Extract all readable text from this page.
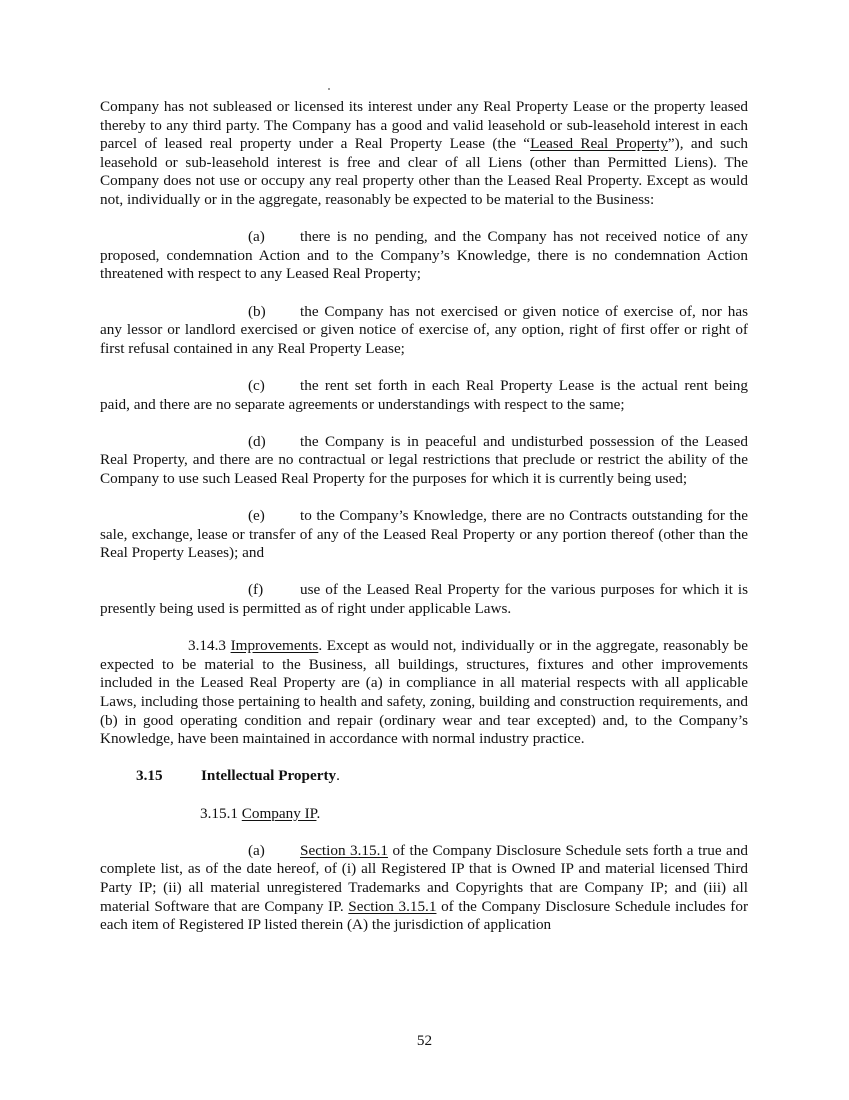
Company has not subleased or licensed its interest under any Real Property Lease or the property leased thereby to any third party. The Company has a good and valid leasehold or sub-leasehold interest in each parcel of leased real property under a Real Property Lease (the “Leased Real Property”), and such leasehold or sub-leasehold interest is free and clear of all Liens (other than Permitted Liens). The Company does not use or occupy any real property other than the Leased Real Property. Except as would not, individually or in the aggregate, reasonably be expected to be material to the Business:

(a) there is no pending, and the Company has not received notice of any proposed, condemnation Action and to the Company’s Knowledge, there is no condemnation Action threatened with respect to any Leased Real Property;

(b) the Company has not exercised or given notice of exercise of, nor has any lessor or landlord exercised or given notice of exercise of, any option, right of first offer or right of first refusal contained in any Real Property Lease;

(c) the rent set forth in each Real Property Lease is the actual rent being paid, and there are no separate agreements or understandings with respect to the same;

(d) the Company is in peaceful and undisturbed possession of the Leased Real Property, and there are no contractual or legal restrictions that preclude or restrict the ability of the Company to use such Leased Real Property for the purposes for which it is currently being used;

(e) to the Company’s Knowledge, there are no Contracts outstanding for the sale, exchange, lease or transfer of any of the Leased Real Property or any portion thereof (other than the Real Property Leases); and

(f) use of the Leased Real Property for the various purposes for which it is presently being used is permitted as of right under applicable Laws.

3.14.3 Improvements. Except as would not, individually or in the aggregate, reasonably be expected to be material to the Business, all buildings, structures, fixtures and other improvements included in the Leased Real Property are (a) in compliance in all material respects with all applicable Laws, including those pertaining to health and safety, zoning, building and construction requirements, and (b) in good operating condition and repair (ordinary wear and tear excepted) and, to the Company’s Knowledge, have been maintained in accordance with normal industry practice.

3.15	Intellectual Property.

3.15.1 Company IP.

(a) Section 3.15.1 of the Company Disclosure Schedule sets forth a true and complete list, as of the date hereof, of (i) all Registered IP that is Owned IP and material licensed Third Party IP; (ii) all material unregistered Trademarks and Copyrights that are Company IP; and (iii) all material Software that are Company IP. Section 3.15.1 of the Company Disclosure Schedule includes for each item of Registered IP listed therein (A) the jurisdiction of application

52
